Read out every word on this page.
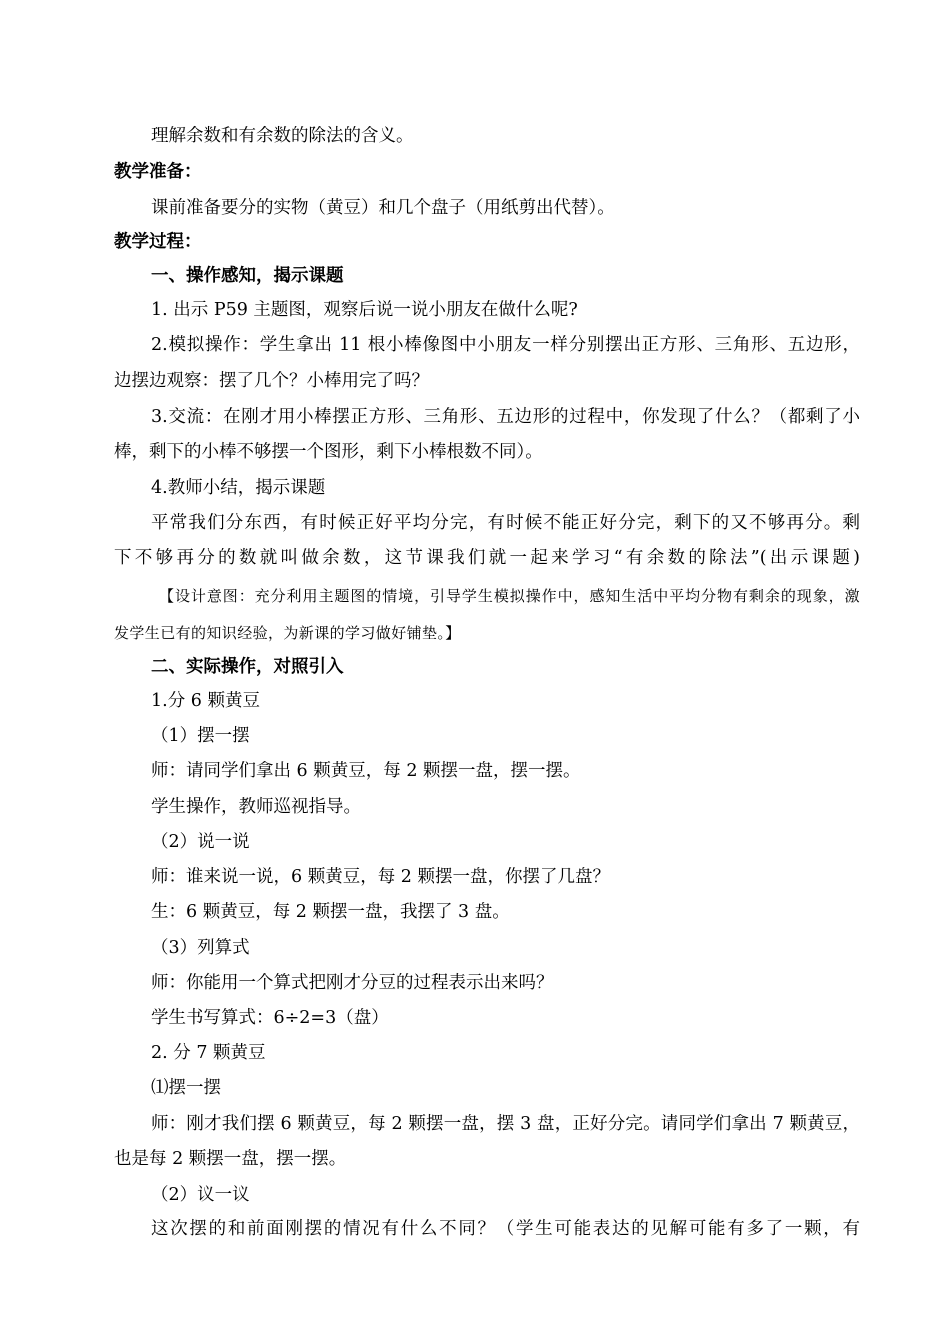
理解余数和有余数的除法的含义。
教学准备：
课前准备要分的实物（黄豆）和几个盘子（用纸剪出代替）。
教学过程：
一、操作感知，揭示课题
1. 出示 P59 主题图，观察后说一说小朋友在做什么呢?
2.模拟操作：学生拿出 11 根小棒像图中小朋友一样分别摆出正方形、三角形、五边形，
边摆边观察：摆了几个？小棒用完了吗？
3.交流：在刚才用小棒摆正方形、三角形、五边形的过程中，你发现了什么？（都剩了小
棒，剩下的小棒不够摆一个图形，剩下小棒根数不同）。
4.教师小结，揭示课题
平常我们分东西，有时候正好平均分完，有时候不能正好分完，剩下的又不够再分。剩
下不够再分的数就叫做余数，这节课我们就一起来学习“有余数的除法”(出示课题)
【设计意图：充分利用主题图的情境，引导学生模拟操作中，感知生活中平均分物有剩余的现象，激
发学生已有的知识经验，为新课的学习做好铺垫。】
二、实际操作，对照引入
1.分 6 颗黄豆
（1）摆一摆
师：请同学们拿出 6 颗黄豆，每 2 颗摆一盘，摆一摆。
学生操作，教师巡视指导。
（2）说一说
师：谁来说一说，6 颗黄豆，每 2 颗摆一盘，你摆了几盘？
生：6 颗黄豆，每 2 颗摆一盘，我摆了 3 盘。
（3）列算式
师：你能用一个算式把刚才分豆的过程表示出来吗？
学生书写算式：6÷2=3（盘）
2. 分 7 颗黄豆
⑴摆一摆
师：刚才我们摆 6 颗黄豆，每 2 颗摆一盘，摆 3 盘，正好分完。请同学们拿出 7 颗黄豆，
也是每 2 颗摆一盘，摆一摆。
（2）议一议
这次摆的和前面刚摆的情况有什么不同？（学生可能表达的见解可能有多了一颗，有
